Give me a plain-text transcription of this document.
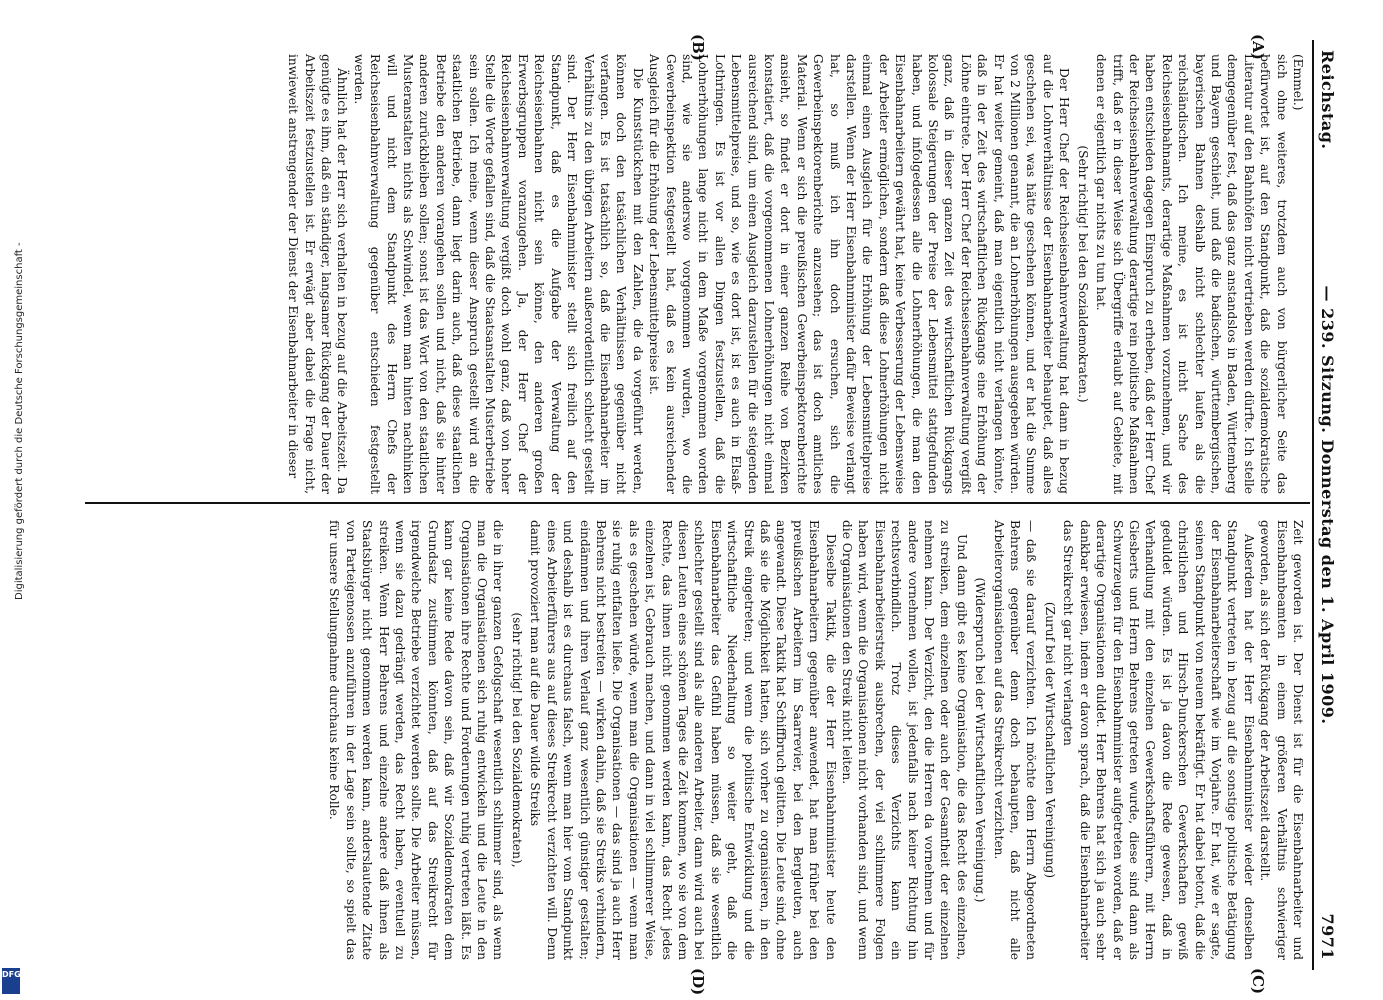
Reichstag.
— 239. Sitzung. Donnerstag den 1. April 1909.
7971
(A)
(B)

(Emmel.)

sich ohne weiteres, trotzdem auch von bürgerlicher Seite das befürwortet ist, auf den Standpunkt, daß die sozialdemokratische Literatur auf den Bahnhöfen nicht vertrieben werden dürfte. Ich stelle demgegenüber fest, daß das ganz anstandslos in Baden, Württemberg und Bayern geschieht, und daß die badischen, württembergischen, bayerischen Bahnen deshalb nicht schlechter laufen als die reichsländischen. Ich meine, es ist nicht Sache des Reichseisenbahnamts, derartige Maßnahmen vorzunehmen, und wir haben entschieden dagegen Einspruch zu erheben, daß der Herr Chef der Reichseisenbahnverwaltung derartige rein politische Maßnahmen trifft, daß er in dieser Weise sich Übergriffe erlaubt auf Gebiete, mit denen er eigentlich gar nichts zu tun hat.

(Sehr richtig! bei den Sozialdemokraten.)

Der Herr Chef der Reichseisenbahnverwaltung hat dann in bezug auf die Lohnverhältnisse der Eisenbahnarbeiter behauptet, daß alles geschehen sei, was hätte geschehen können, und er hat die Summe von 2 Millionen genannt, die an Lohnerhöhungen ausgegeben würden. Er hat weiter gemeint, daß man eigentlich nicht verlangen könnte, daß in der Zeit des wirtschaftlichen Rückgangs eine Erhöhung der Löhne eintrete. Der Herr Chef der Reichseisenbahnverwaltung vergißt ganz, daß in dieser ganzen Zeit des wirtschaftlichen Rückgangs kolossale Steigerungen der Preise der Lebensmittel stattgefunden haben, und infolgedessen alle die Lohnerhöhungen, die man den Eisenbahnarbeitern gewährt hat, keine Verbesserung der Lebensweise der Arbeiter ermöglichen, sondern daß diese Lohnerhöhungen nicht einmal einen Ausgleich für die Erhöhung der Lebensmittelpreise darstellen. Wenn der Herr Eisenbahnminister dafür Beweise verlangt hat, so muß ich ihn doch ersuchen, sich die Gewerbeinspektorenberichte anzusehen; das ist doch amtliches Material. Wenn er sich die preußischen Gewerbeinspektorenberichte ansieht, so findet er dort in einer ganzen Reihe von Bezirken konstatiert, daß die vorgenommenen Lohnerhöhungen nicht einmal ausreichend sind, um einen Ausgleich darzustellen für die steigenden Lebensmittelpreise, und so, wie es dort ist, ist es auch in Elsaß-Lothringen. Es ist vor allen Dingen festzustellen, daß die Lohnerhöhungen lange nicht in dem Maße vorgenommen worden sind, wie sie anderswo vorgenommen wurden, wo die Gewerbeinspektion festgestellt hat, daß es kein ausreichender Ausgleich für die Erhöhung der Lebensmittelpreise ist.

Die Kunststückchen mit den Zahlen, die da vorgeführt werden, können doch den tatsächlichen Verhältnissen gegenüber nicht verfangen. Es ist tatsächlich so, daß die Eisenbahnarbeiter im Verhältnis zu den übrigen Arbeitern außerordentlich schlecht gestellt sind. Der Herr Eisenbahnminister stellt sich freilich auf den Standpunkt, daß es die Aufgabe der Verwaltung der Reichseisenbahnen nicht sein könne, den anderen großen Erwerbsgruppen voranzugehen. Ja, der Herr Chef der Reichseisenbahnverwaltung vergißt doch wohl ganz, daß von hoher Stelle die Worte gefallen sind, daß die Staatsanstalten Musterbetriebe sein sollen. Ich meine, wenn dieser Anspruch gestellt wird an die staatlichen Betriebe, dann liegt darin auch, daß diese staatlichen Betriebe den anderen vorangehen sollen und nicht, daß sie hinter anderen zurückbleiben sollen; sonst ist das Wort von den staatlichen Musteranstalten nichts als Schwindel, wenn man hinten nachhinken will und nicht dem Standpunkt des Herrn Chefs der Reichseisenbahnverwaltung gegenüber entschieden festgestellt werden.

Ähnlich hat der Herr sich verhalten in bezug auf die Arbeitszeit. Da genügte es ihm, daß ein ständiger, langsamer Rückgang der Dauer der Arbeitszeit festzustellen ist. Er erwägt aber dabei die Frage nicht, inwieweit anstrengender der Dienst der Eisenbahnarbeiter in dieser

(C)
(D)

Zeit geworden ist. Der Dienst ist für die Eisenbahnarbeiter und Eisenbahnbeamten in einem größeren Verhältnis schwieriger geworden, als sich der Rückgang der Arbeitszeit darstellt.

Außerdem hat der Herr Eisenbahnminister wieder denselben Standpunkt vertreten in bezug auf die sonstige politische Betätigung der Eisenbahnarbeiterschaft wie im Vorjahre. Er hat, wie er sagte, seinen Standpunkt von neuem bekräftigt. Er hat dabei betont, daß die christlichen und Hirsch-Dunckerschen Gewerkschaften gewiß geduldet würden. Es ist ja davon die Rede gewesen, daß in Verhandlung mit den einzelnen Gewerkschaftsführern, mit Herrn Giesberts und Herrn Behrens getreten wurde, diese sind dann als Schwurzeugen für den Eisenbahnminister aufgetreten worden, daß er derartige Organisationen duldet. Herr Behrens hat sich ja auch sehr dankbar erwiesen, indem er davon sprach, daß die Eisenbahnarbeiter das Streikrecht gar nicht verlangten

(Zuruf bei der Wirtschaftlichen Vereinigung)

— daß sie darauf verzichten. Ich möchte dem Herrn Abgeordneten Behrens gegenüber denn doch behaupten, daß nicht alle Arbeiterorganisationen auf das Streikrecht verzichten.

(Widerspruch bei der Wirtschaftlichen Vereinigung.)

Und dann gibt es keine Organisation, die das Recht des einzelnen, zu streiken, dem einzelnen oder auch der Gesamtheit der einzelnen nehmen kann. Der Verzicht, den die Herren da vornehmen und für andere vornehmen wollen, ist jedenfalls nach keiner Richtung hin rechtsverbindlich. Trotz dieses Verzichts kann ein Eisenbahnarbeiterstreik ausbrechen, der viel schlimmere Folgen haben wird, wenn die Organisationen nicht vorhanden sind, und wenn die Organisationen den Streik nicht leiten.

Dieselbe Taktik, die der Herr Eisenbahnminister heute den Eisenbahnarbeitern gegenüber anwendet, hat man früher bei den preußischen Arbeitern im Saarrevier, bei den Bergleuten, auch angewandt. Diese Taktik hat Schiffbruch gelitten. Die Leute sind, ohne daß sie die Möglichkeit hatten, sich vorher zu organisieren, in den Streik eingetreten; und wenn die politische Entwicklung und die wirtschaftliche Niederhaltung so weiter geht, daß die Eisenbahnarbeiter das Gefühl haben müssen, daß sie wesentlich schlechter gestellt sind als alle anderen Arbeiter, dann wird auch bei diesen Leuten eines schönen Tages die Zeit kommen, wo sie von dem Rechte, das ihnen nicht genommen werden kann, das Recht jedes einzelnen ist, Gebrauch machen, und dann in viel schlimmerer Weise, als es geschehen würde, wenn man die Organisationen — wenn man sie ruhig entfalten ließe. Die Organisationen — das sind ja auch Herr Behrens nicht bestreiten — wirken dahin, daß sie Streiks verhindern, eindämmen und ihren Verlauf ganz wesentlich günstiger gestalten; und deshalb ist es durchaus falsch, wenn man hier vom Standpunkt eines Arbeiterführers aus auf dieses Streikrecht verzichten will. Denn damit provoziert man auf die Dauer wilde Streiks

(sehr richtig! bei den Sozialdemokraten),

die in ihrer ganzen Gefolgschaft wesentlich schlimmer sind, als wenn man die Organisationen sich ruhig entwickeln und die Leute in den Organisationen ihre Rechte und Forderungen ruhig vertreten läßt. Es kann gar keine Rede davon sein, daß wir Sozialdemokraten dem Grundsatz zustimmen könnten, daß auf das Streikrecht für irgendwelche Betriebe verzichtet werden sollte. Die Arbeiter müssen, wenn sie dazu gedrängt werden, das Recht haben, eventuell zu streiken. Wenn Herr Behrens und einzelne andere daß ihnen als Staatsbürger nicht genommen werden kann, anderslautende Zitate von Parteigenossen anzuführen in der Lage sein sollte, so spielt das für unsere Stellungnahme durchaus keine Rolle.

Digitalisierung gefördert durch die Deutsche Forschungsgemeinschaft -
DFG
